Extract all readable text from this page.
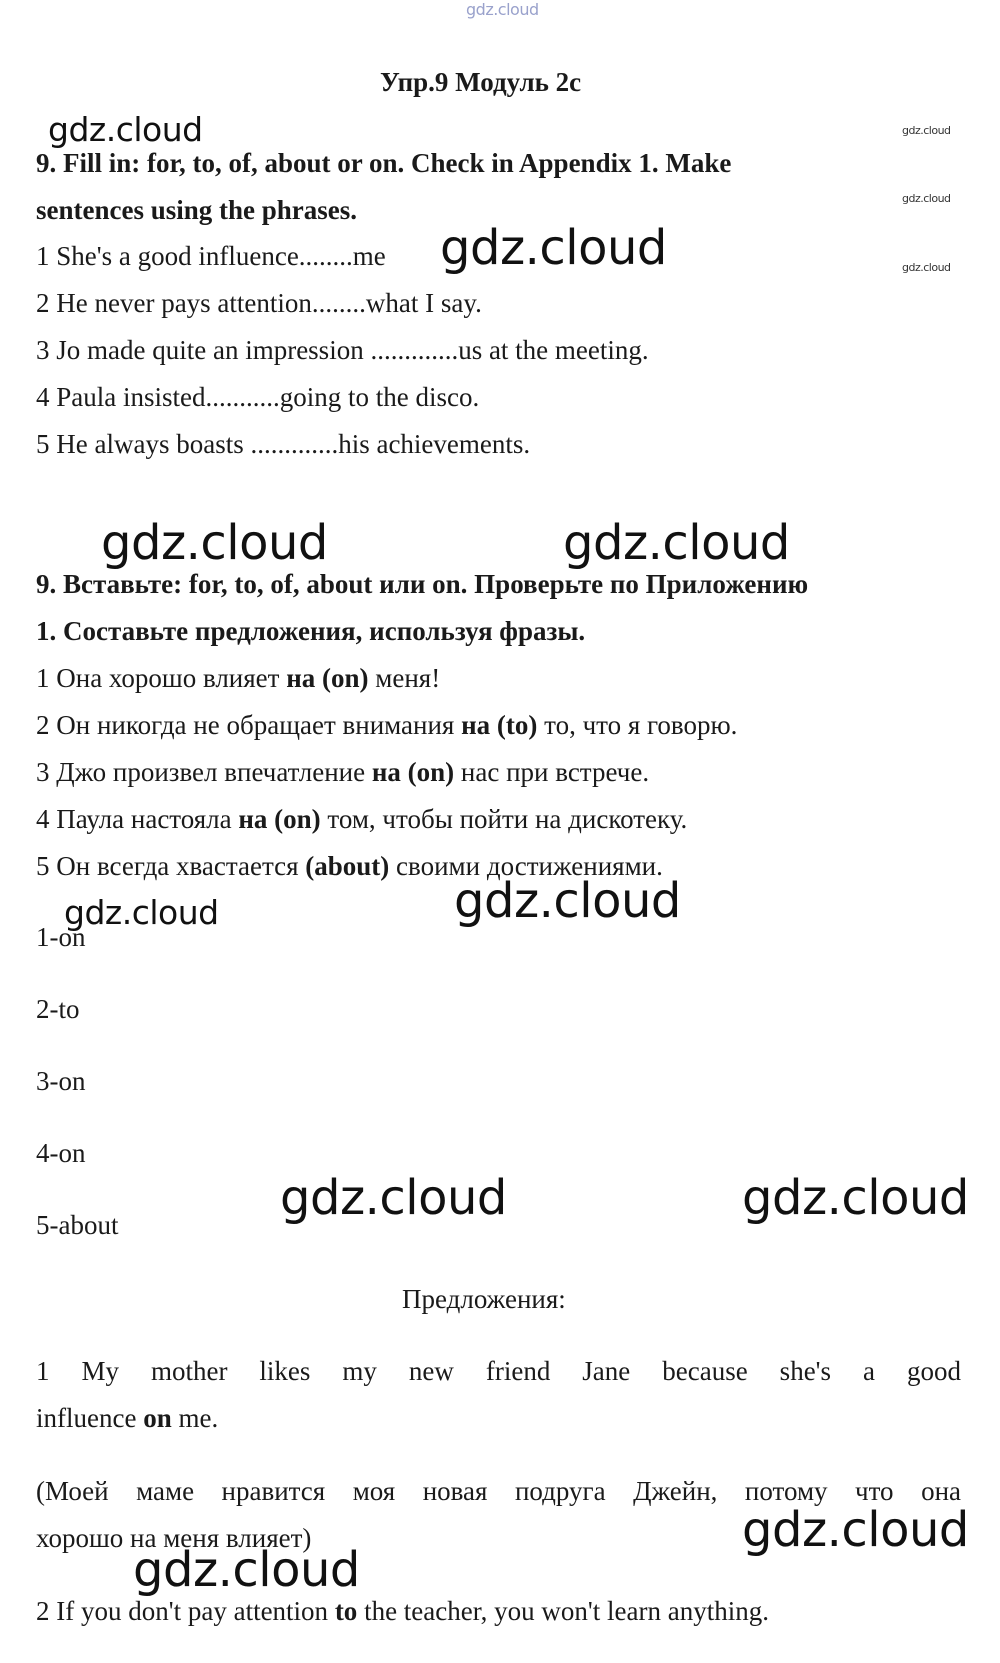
gdz.cloud
Упр.9 Модуль 2с
gdz.cloud	gdz.cloud
gdz.cloud
gdz.cloud
9. Fill in: for, to, of, about or on. Check in Appendix 1. Make
sentences using the phrases.
1 She's a good influence........me gdz.cloud
2 He never pays attention........what I say.
3 Jo made quite an impression .............us at the meeting.
4 Paula insisted...........going to the disco.
5 He always boasts .............his achievements.
gdz.cloud	gdz.cloud
9. Вставьте: for, to, of, about или on. Проверьте по Приложению
1. Составьте предложения, используя фразы.
1 Она хорошо влияет на (on) меня!
2 Он никогда не обращает внимания на (to) то, что я говорю.
3 Джо произвел впечатление на (on) нас при встрече.
4 Паула настояла на (on) том, чтобы пойти на дискотеку.
5 Он всегда хвастается (about) своими достижениями.
gdz.cloud	gdz.cloud
1-on
2-to
3-on
4-on
5-about	gdz.cloud	gdz.cloud
Предложения:
1 My mother likes my new friend Jane because she's a good
influence on me.
(Моей маме нравится моя новая подруга Джейн, потому что она
хорошо на меня влияет)	gdz.cloud
gdz.cloud
2 If you don't pay attention to the teacher, you won't learn anything.
